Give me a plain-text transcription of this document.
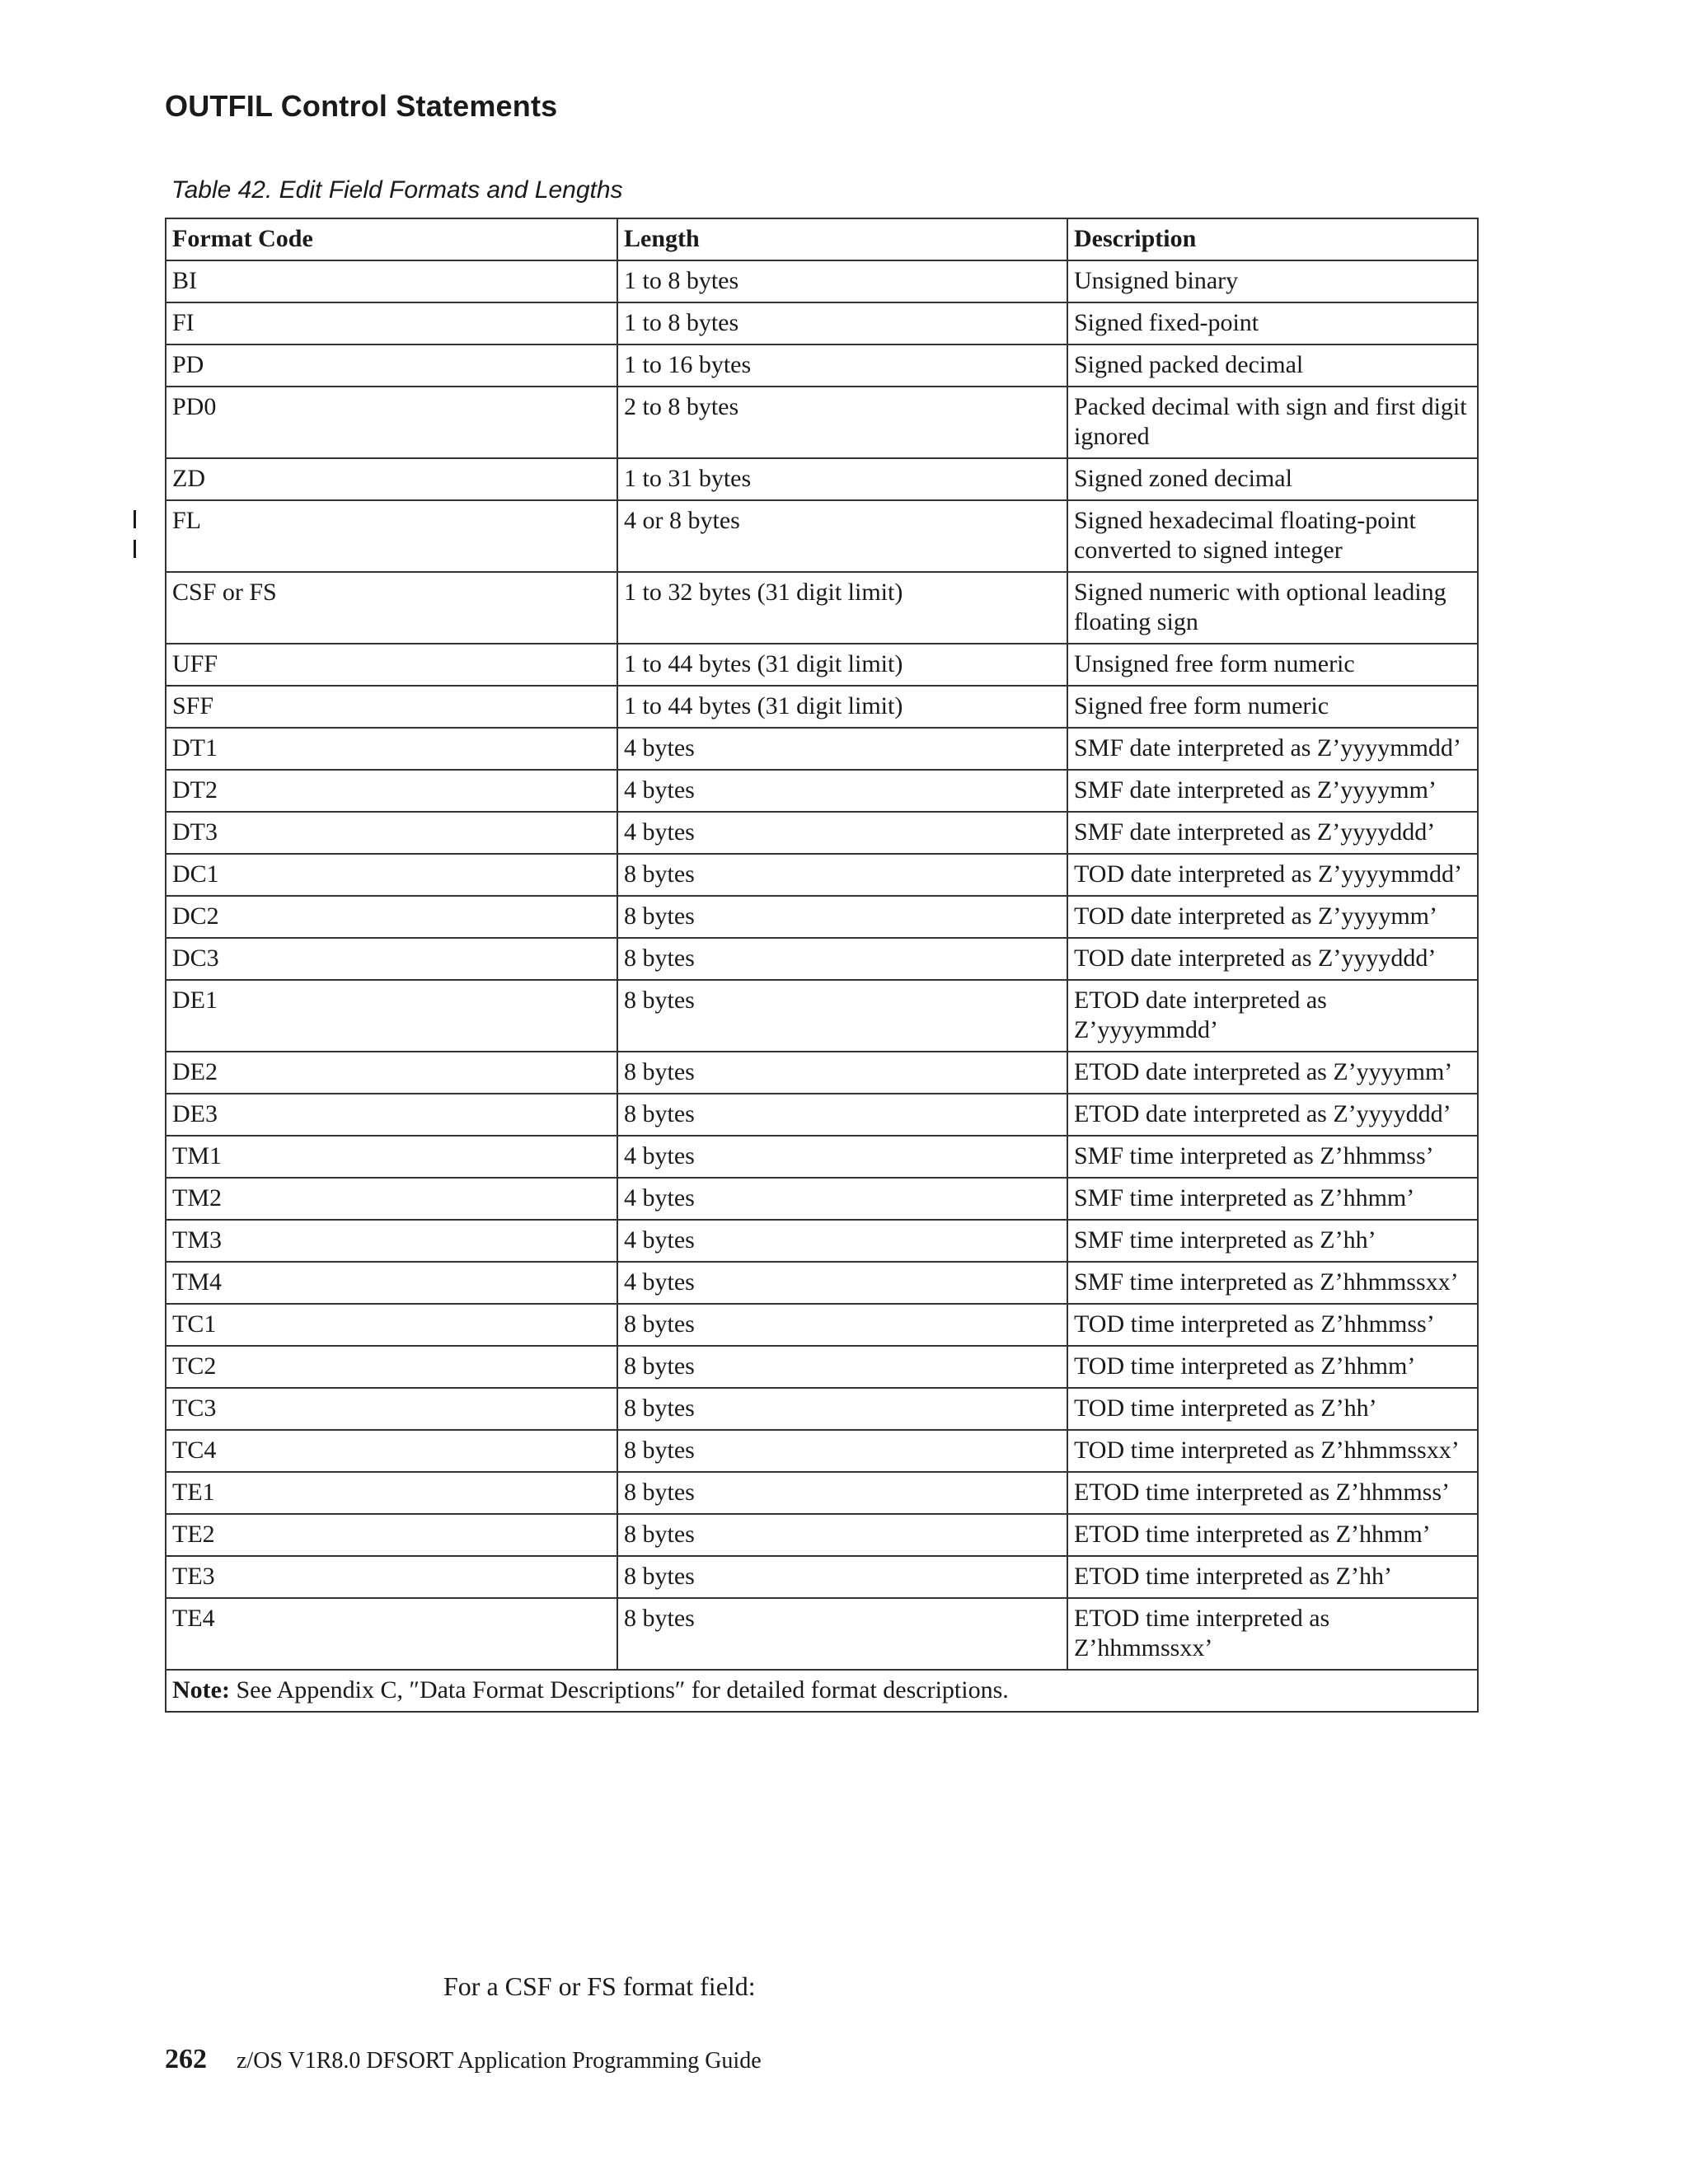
OUTFIL Control Statements
Table 42. Edit Field Formats and Lengths
Format Code	Length	Description
BI	1 to 8 bytes	Unsigned binary
FI	1 to 8 bytes	Signed fixed-point
PD	1 to 16 bytes	Signed packed decimal
PD0	2 to 8 bytes	Packed decimal with sign and first digit ignored
ZD	1 to 31 bytes	Signed zoned decimal
FL	4 or 8 bytes	Signed hexadecimal floating-point converted to signed integer
CSF or FS	1 to 32 bytes (31 digit limit)	Signed numeric with optional leading floating sign
UFF	1 to 44 bytes (31 digit limit)	Unsigned free form numeric
SFF	1 to 44 bytes (31 digit limit)	Signed free form numeric
DT1	4 bytes	SMF date interpreted as Z’yyyymmdd’
DT2	4 bytes	SMF date interpreted as Z’yyyymm’
DT3	4 bytes	SMF date interpreted as Z’yyyyddd’
DC1	8 bytes	TOD date interpreted as Z’yyyymmdd’
DC2	8 bytes	TOD date interpreted as Z’yyyymm’
DC3	8 bytes	TOD date interpreted as Z’yyyyddd’
DE1	8 bytes	ETOD date interpreted as Z’yyyymmdd’
DE2	8 bytes	ETOD date interpreted as Z’yyyymm’
DE3	8 bytes	ETOD date interpreted as Z’yyyyddd’
TM1	4 bytes	SMF time interpreted as Z’hhmmss’
TM2	4 bytes	SMF time interpreted as Z’hhmm’
TM3	4 bytes	SMF time interpreted as Z’hh’
TM4	4 bytes	SMF time interpreted as Z’hhmmssxx’
TC1	8 bytes	TOD time interpreted as Z’hhmmss’
TC2	8 bytes	TOD time interpreted as Z’hhmm’
TC3	8 bytes	TOD time interpreted as Z’hh’
TC4	8 bytes	TOD time interpreted as Z’hhmmssxx’
TE1	8 bytes	ETOD time interpreted as Z’hhmmss’
TE2	8 bytes	ETOD time interpreted as Z’hhmm’
TE3	8 bytes	ETOD time interpreted as Z’hh’
TE4	8 bytes	ETOD time interpreted as Z’hhmmssxx’
Note: See Appendix C, ″Data Format Descriptions″ for detailed format descriptions.		
For a CSF or FS format field:
262 z/OS V1R8.0 DFSORT Application Programming Guide
